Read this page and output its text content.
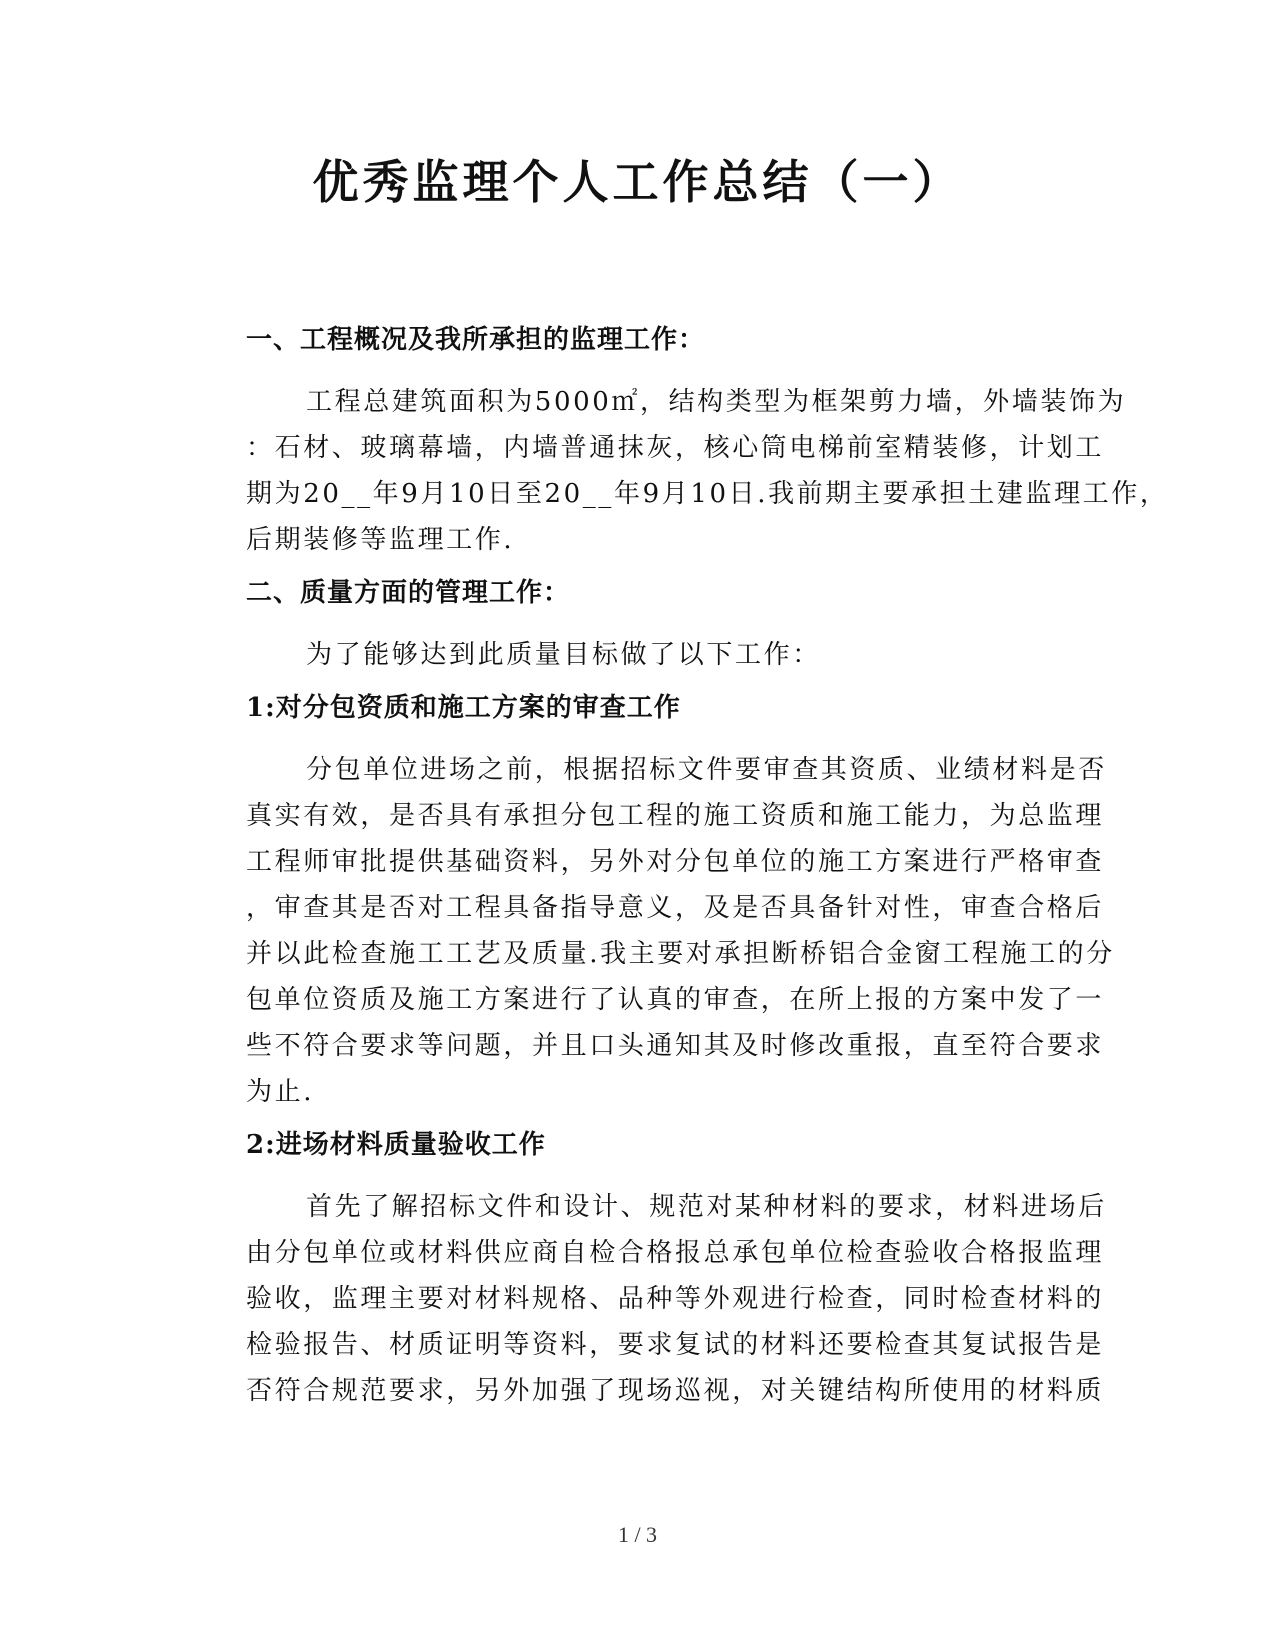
优秀监理个人工作总结（一）
一、工程概况及我所承担的监理工作：
工程总建筑面积为5000㎡，结构类型为框架剪力墙，外墙装饰为
：石材、玻璃幕墙，内墙普通抹灰，核心筒电梯前室精装修，计划工
期为20__年9月10日至20__年9月10日.我前期主要承担土建监理工作，
后期装修等监理工作.
二、质量方面的管理工作：
为了能够达到此质量目标做了以下工作：
1:对分包资质和施工方案的审查工作
分包单位进场之前，根据招标文件要审查其资质、业绩材料是否
真实有效，是否具有承担分包工程的施工资质和施工能力，为总监理
工程师审批提供基础资料，另外对分包单位的施工方案进行严格审查
，审查其是否对工程具备指导意义，及是否具备针对性，审查合格后
并以此检查施工工艺及质量.我主要对承担断桥铝合金窗工程施工的分
包单位资质及施工方案进行了认真的审查，在所上报的方案中发了一
些不符合要求等问题，并且口头通知其及时修改重报，直至符合要求
为止.
2:进场材料质量验收工作
首先了解招标文件和设计、规范对某种材料的要求，材料进场后
由分包单位或材料供应商自检合格报总承包单位检查验收合格报监理
验收，监理主要对材料规格、品种等外观进行检查，同时检查材料的
检验报告、材质证明等资料，要求复试的材料还要检查其复试报告是
否符合规范要求，另外加强了现场巡视，对关键结构所使用的材料质
1 / 3
